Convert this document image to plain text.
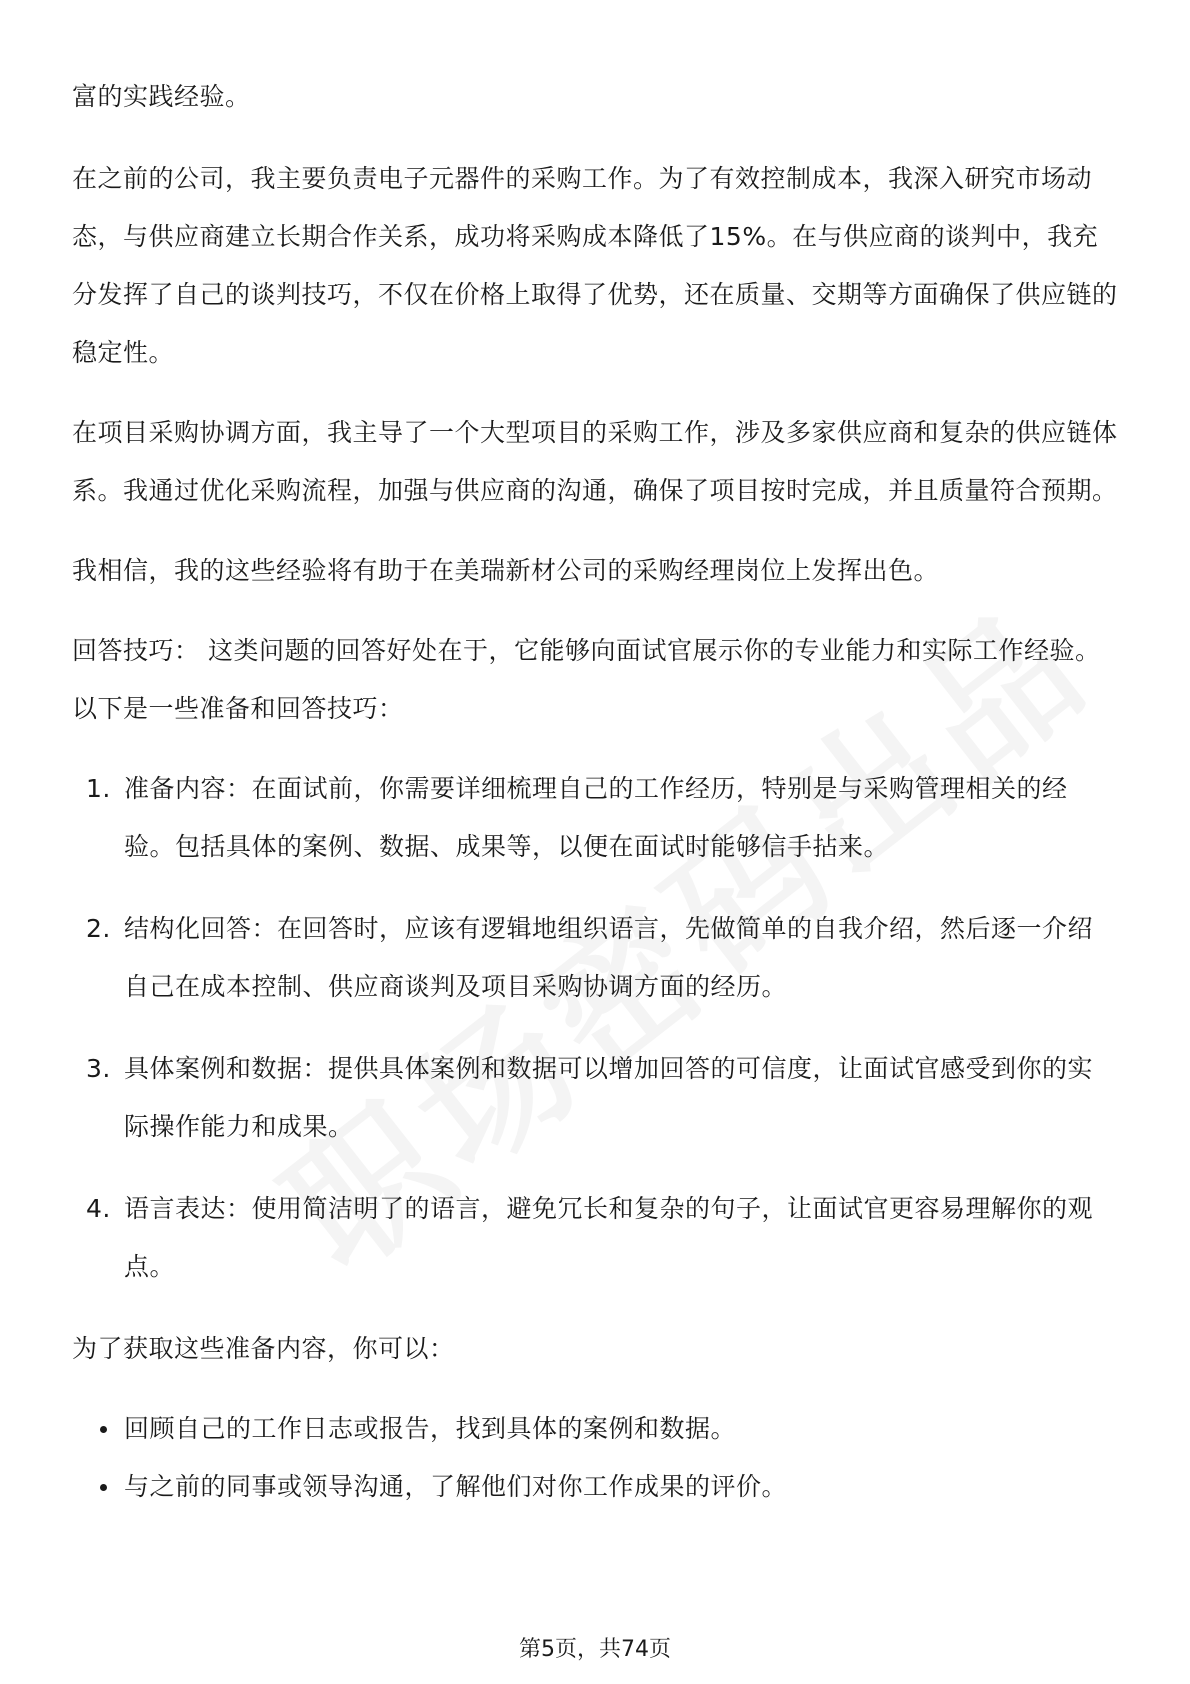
富的实践经验。

在之前的公司，我主要负责电子元器件的采购工作。为了有效控制成本，我深入研究市场动态，与供应商建立长期合作关系，成功将采购成本降低了15%。在与供应商的谈判中，我充分发挥了自己的谈判技巧，不仅在价格上取得了优势，还在质量、交期等方面确保了供应链的稳定性。

在项目采购协调方面，我主导了一个大型项目的采购工作，涉及多家供应商和复杂的供应链体系。我通过优化采购流程，加强与供应商的沟通，确保了项目按时完成，并且质量符合预期。

我相信，我的这些经验将有助于在美瑞新材公司的采购经理岗位上发挥出色。

回答技巧： 这类问题的回答好处在于，它能够向面试官展示你的专业能力和实际工作经验。以下是一些准备和回答技巧：

1. 准备内容：在面试前，你需要详细梳理自己的工作经历，特别是与采购管理相关的经验。包括具体的案例、数据、成果等，以便在面试时能够信手拈来。
2. 结构化回答：在回答时，应该有逻辑地组织语言，先做简单的自我介绍，然后逐一介绍自己在成本控制、供应商谈判及项目采购协调方面的经历。
3. 具体案例和数据：提供具体案例和数据可以增加回答的可信度，让面试官感受到你的实际操作能力和成果。
4. 语言表达：使用简洁明了的语言，避免冗长和复杂的句子，让面试官更容易理解你的观点。

为了获取这些准备内容，你可以：

回顾自己的工作日志或报告，找到具体的案例和数据。
与之前的同事或领导沟通，了解他们对你工作成果的评价。
第5页，共74页
